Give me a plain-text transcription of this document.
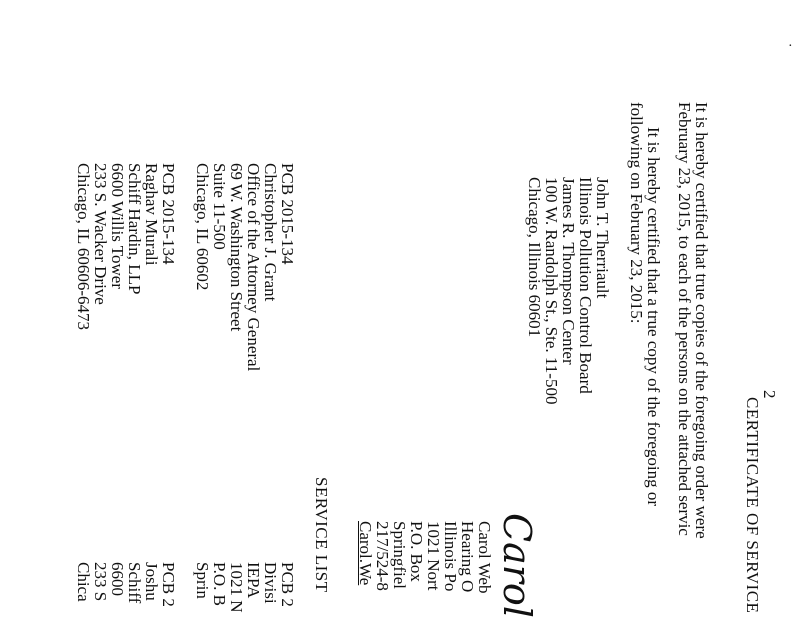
2
CERTIFICATE OF SERVICE
It is hereby certified that true copies of the foregoing order were
February 23, 2015, to each of the persons on the attached servic
It is hereby certified that a true copy of the foregoing or
following on February 23, 2015:
John T. Therriault
Illinois Pollution Control Board
James R. Thompson Center
100 W. Randolph St., Ste. 11-500
Chicago, Illinois 60601
Carol
Carol Web
Hearing O
Illinois Po
1021 Nort
P.O. Box
Springfiel
217/524-8
Carol.We
SERVICE LIST
PCB 2015-134
Christopher J. Grant
Office of the Attorney General
69 W. Washington Street
Suite 11-500
Chicago, IL 60602
PCB 2
Divisi
IEPA
1021 N
P.O. B
Sprin
PCB 2015-134
Raghav Murali
Schiff Hardin, LLP
6600 Willis Tower
233 S. Wacker Drive
Chicago, IL 60606-6473
PCB 2
Joshu
Schiff
6600
233 S
Chica
·
